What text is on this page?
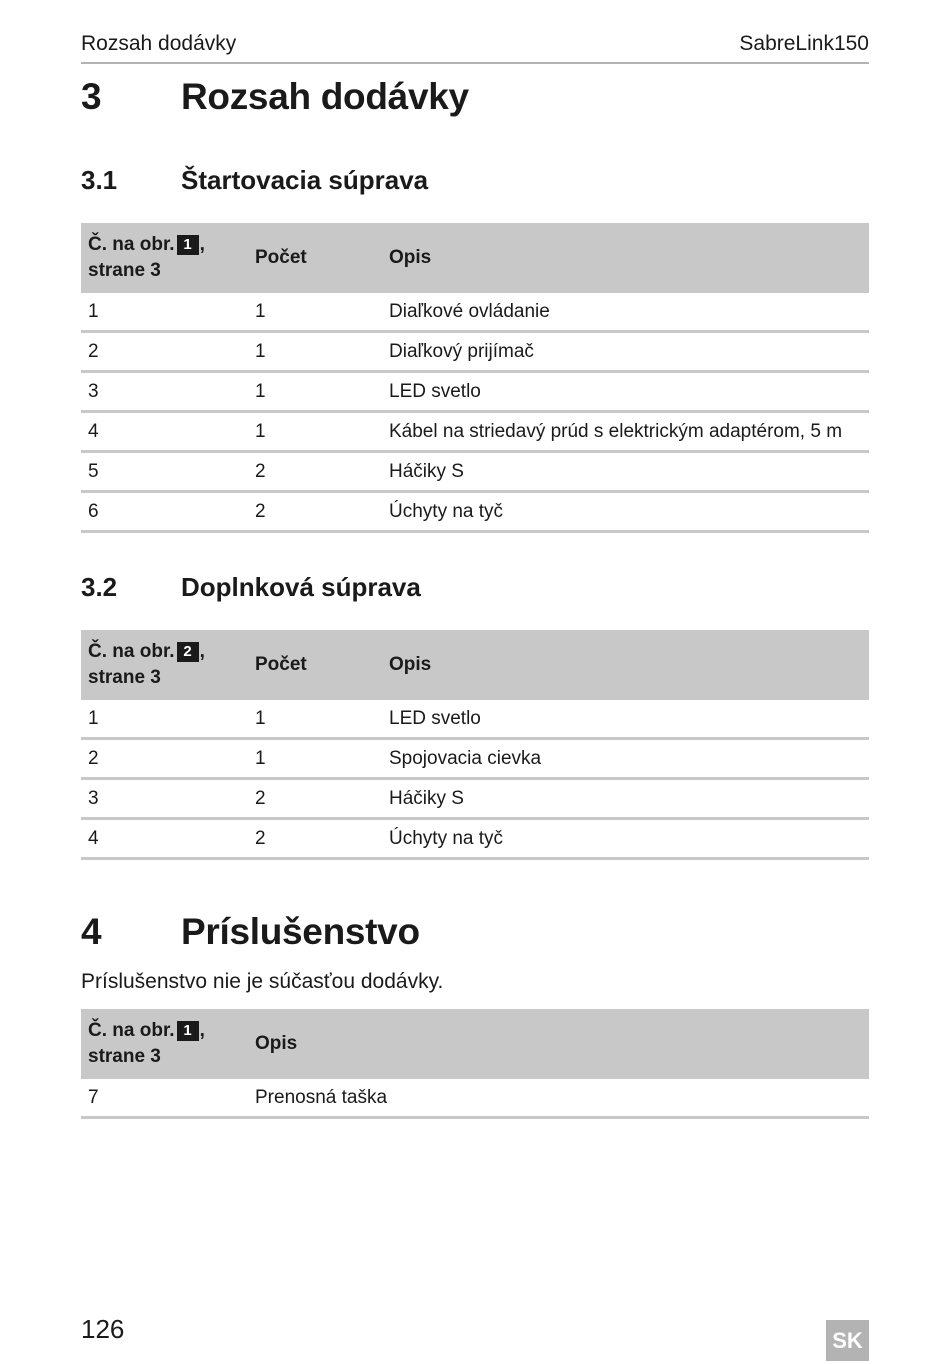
Rozsah dodávky	SabreLink150
3 Rozsah dodávky
3.1 Štartovacia súprava
Č. na obr. 1 ,
strane 3	Počet	Opis
1	1	Diaľkové ovládanie
2	1	Diaľkový prijímač
3	1	LED svetlo
4	1	Kábel na striedavý prúd s elektrickým adaptérom, 5 m
5	2	Háčiky S
6	2	Úchyty na tyč
3.2 Doplnková súprava
Č. na obr. 2 ,
strane 3	Počet	Opis
1	1	LED svetlo
2	1	Spojovacia cievka
3	2	Háčiky S
4	2	Úchyty na tyč
4 Príslušenstvo
Príslušenstvo nie je súčasťou dodávky.
Č. na obr. 1 ,
strane 3	Opis
7	Prenosná taška
126	SK
